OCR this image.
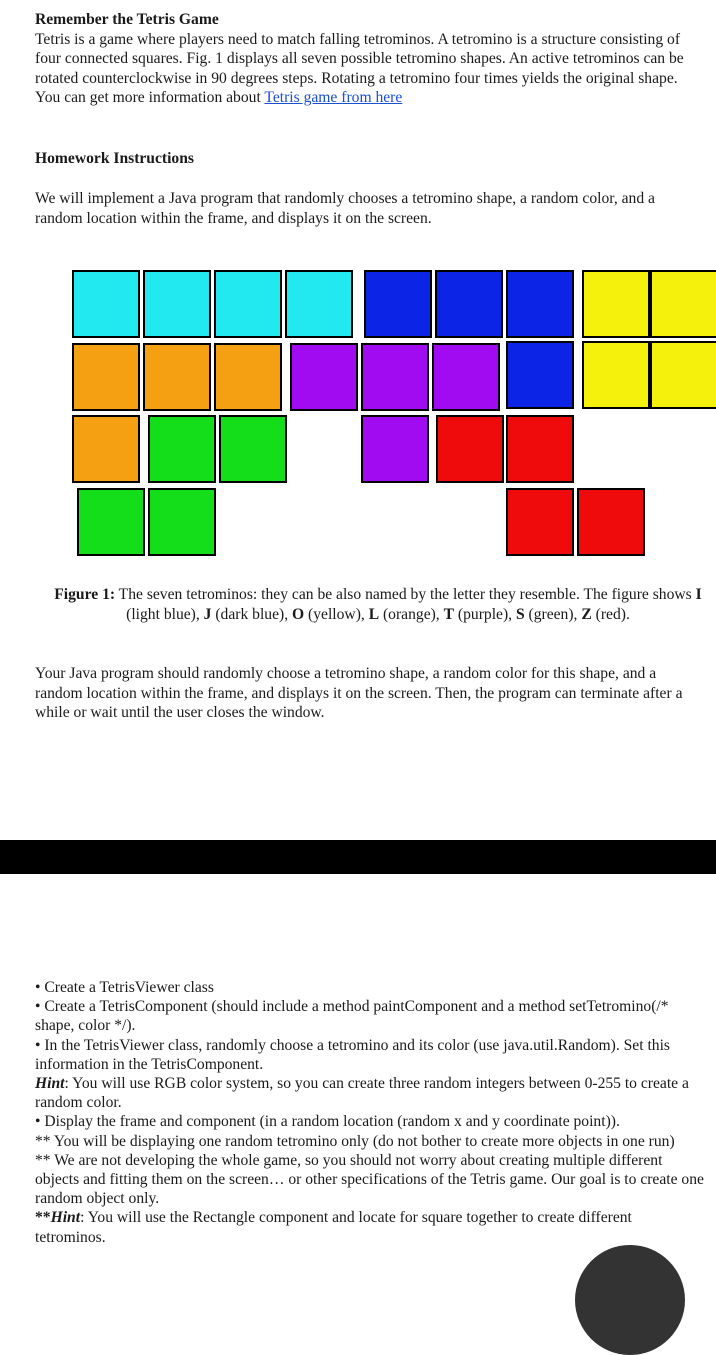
Remember the Tetris Game
Tetris is a game where players need to match falling tetrominos. A tetromino is a structure consisting of four connected squares. Fig. 1 displays all seven possible tetromino shapes. An active tetrominos can be rotated counterclockwise in 90 degrees steps. Rotating a tetromino four times yields the original shape. You can get more information about Tetris game from here
Homework Instructions
We will implement a Java program that randomly chooses a tetromino shape, a random color, and a random location within the frame, and displays it on the screen.
Figure 1: The seven tetrominos: they can be also named by the letter they resemble. The figure shows I (light blue), J (dark blue), O (yellow), L (orange), T (purple), S (green), Z (red).
Your Java program should randomly choose a tetromino shape, a random color for this shape, and a random location within the frame, and displays it on the screen. Then, the program can terminate after a while or wait until the user closes the window.
• Create a TetrisViewer class
• Create a TetrisComponent (should include a method paintComponent and a method setTetromino(/* shape, color */).
• In the TetrisViewer class, randomly choose a tetromino and its color (use java.util.Random). Set this information in the TetrisComponent.
Hint: You will use RGB color system, so you can create three random integers between 0-255 to create a random color.
• Display the frame and component (in a random location (random x and y coordinate point)).
** You will be displaying one random tetromino only (do not bother to create more objects in one run)
** We are not developing the whole game, so you should not worry about creating multiple different objects and fitting them on the screen… or other specifications of the Tetris game. Our goal is to create one random object only.
**Hint: You will use the Rectangle component and locate for square together to create different tetrominos.
